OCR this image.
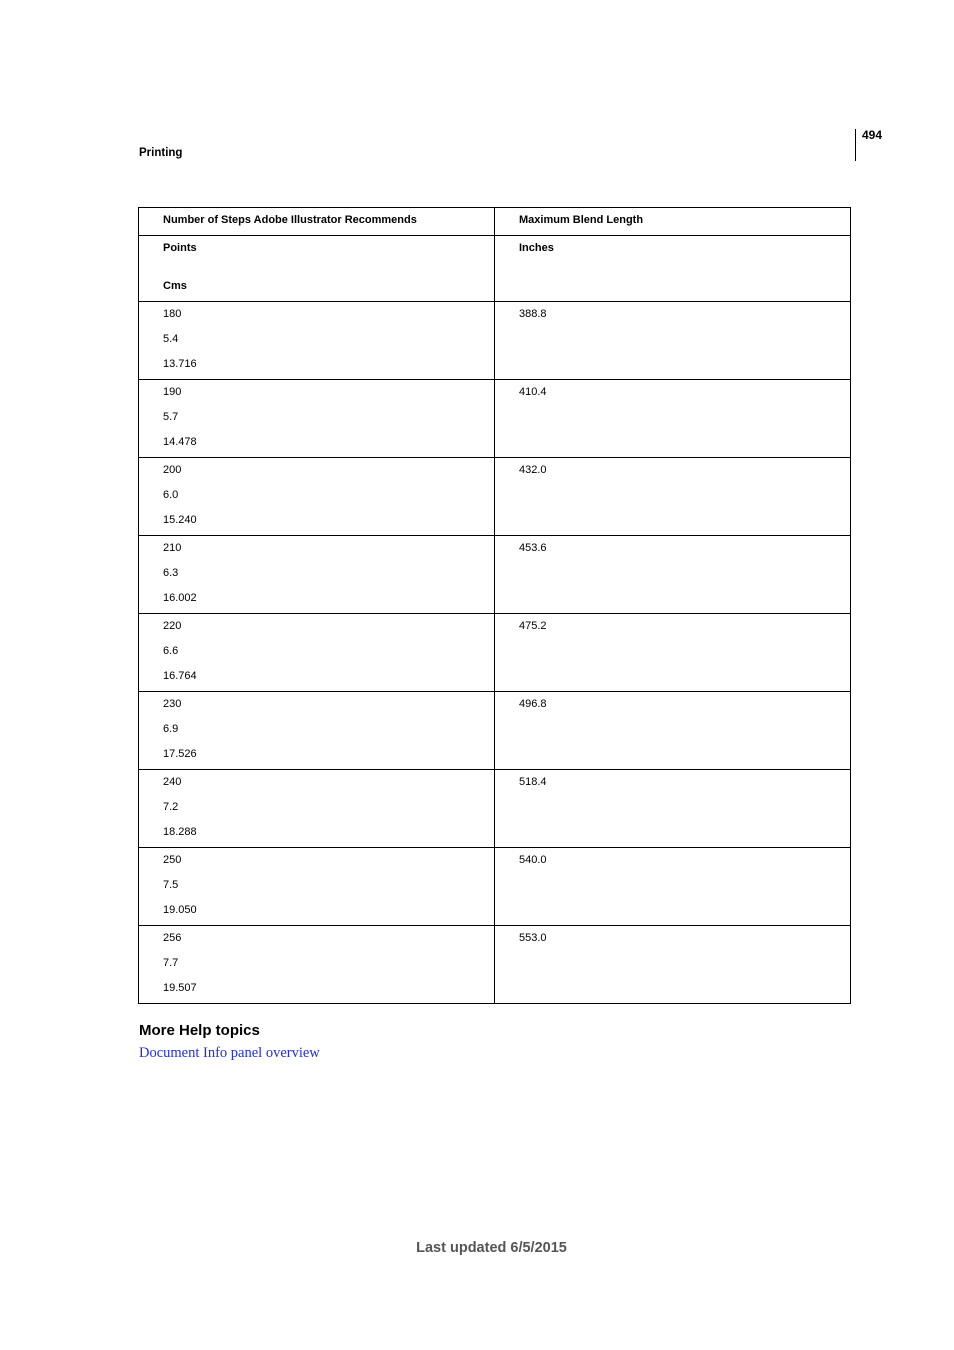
494
Printing
Number of Steps Adobe Illustrator Recommends	Maximum Blend Length

Points
Cms	Inches

180
5.4
13.716	388.8

190
5.7
14.478	410.4

200
6.0
15.240	432.0

210
6.3
16.002	453.6

220
6.6
16.764	475.2

230
6.9
17.526	496.8

240
7.2
18.288	518.4

250
7.5
19.050	540.0

256
7.7
19.507	553.0
More Help topics
Document Info panel overview
Last updated 6/5/2015
